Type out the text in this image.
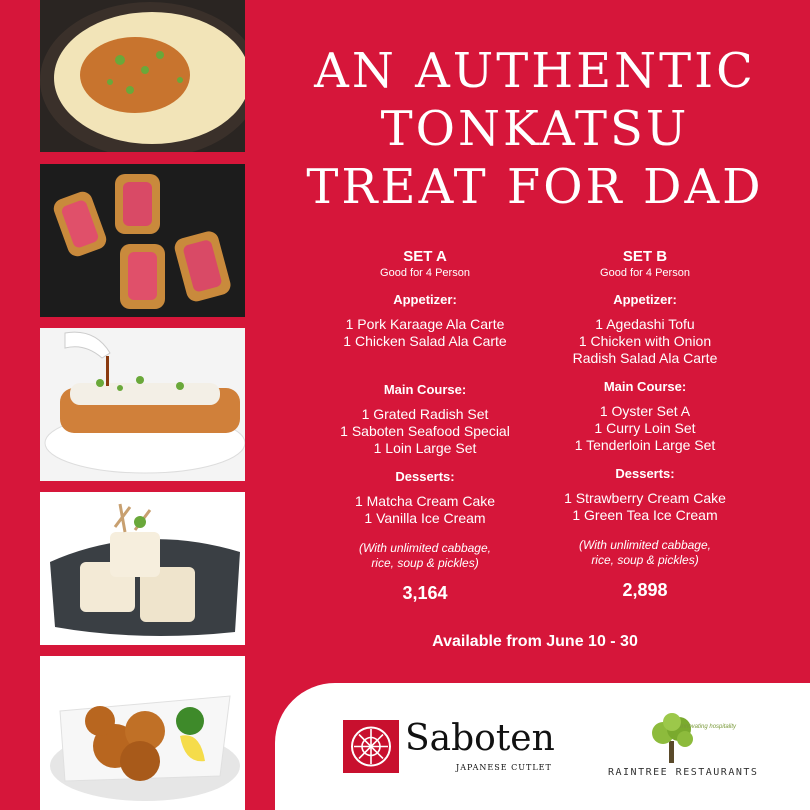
AN AUTHENTIC
TONKATSU
TREAT FOR DAD
SET A
Good for 4 Person
Appetizer:
1 Pork Karaage Ala Carte
1 Chicken Salad Ala Carte
Main Course:
1 Grated Radish Set
1 Saboten Seafood Special
1 Loin Large Set
Desserts:
1 Matcha Cream Cake
1 Vanilla Ice Cream
(With unlimited cabbage,
rice, soup & pickles)
3,164
SET B
Good for 4 Person
Appetizer:
1 Agedashi Tofu
1 Chicken with Onion
Radish Salad Ala Carte
Main Course:
1 Oyster Set A
1 Curry Loin Set
1 Tenderloin Large Set
Desserts:
1 Strawberry Cream Cake
1 Green Tea Ice Cream
(With unlimited cabbage,
rice, soup & pickles)
2,898
Available from June 10 - 30
Saboten
JAPANESE CUTLET
Innovating hospitality
RAINTREE RESTAURANTS
